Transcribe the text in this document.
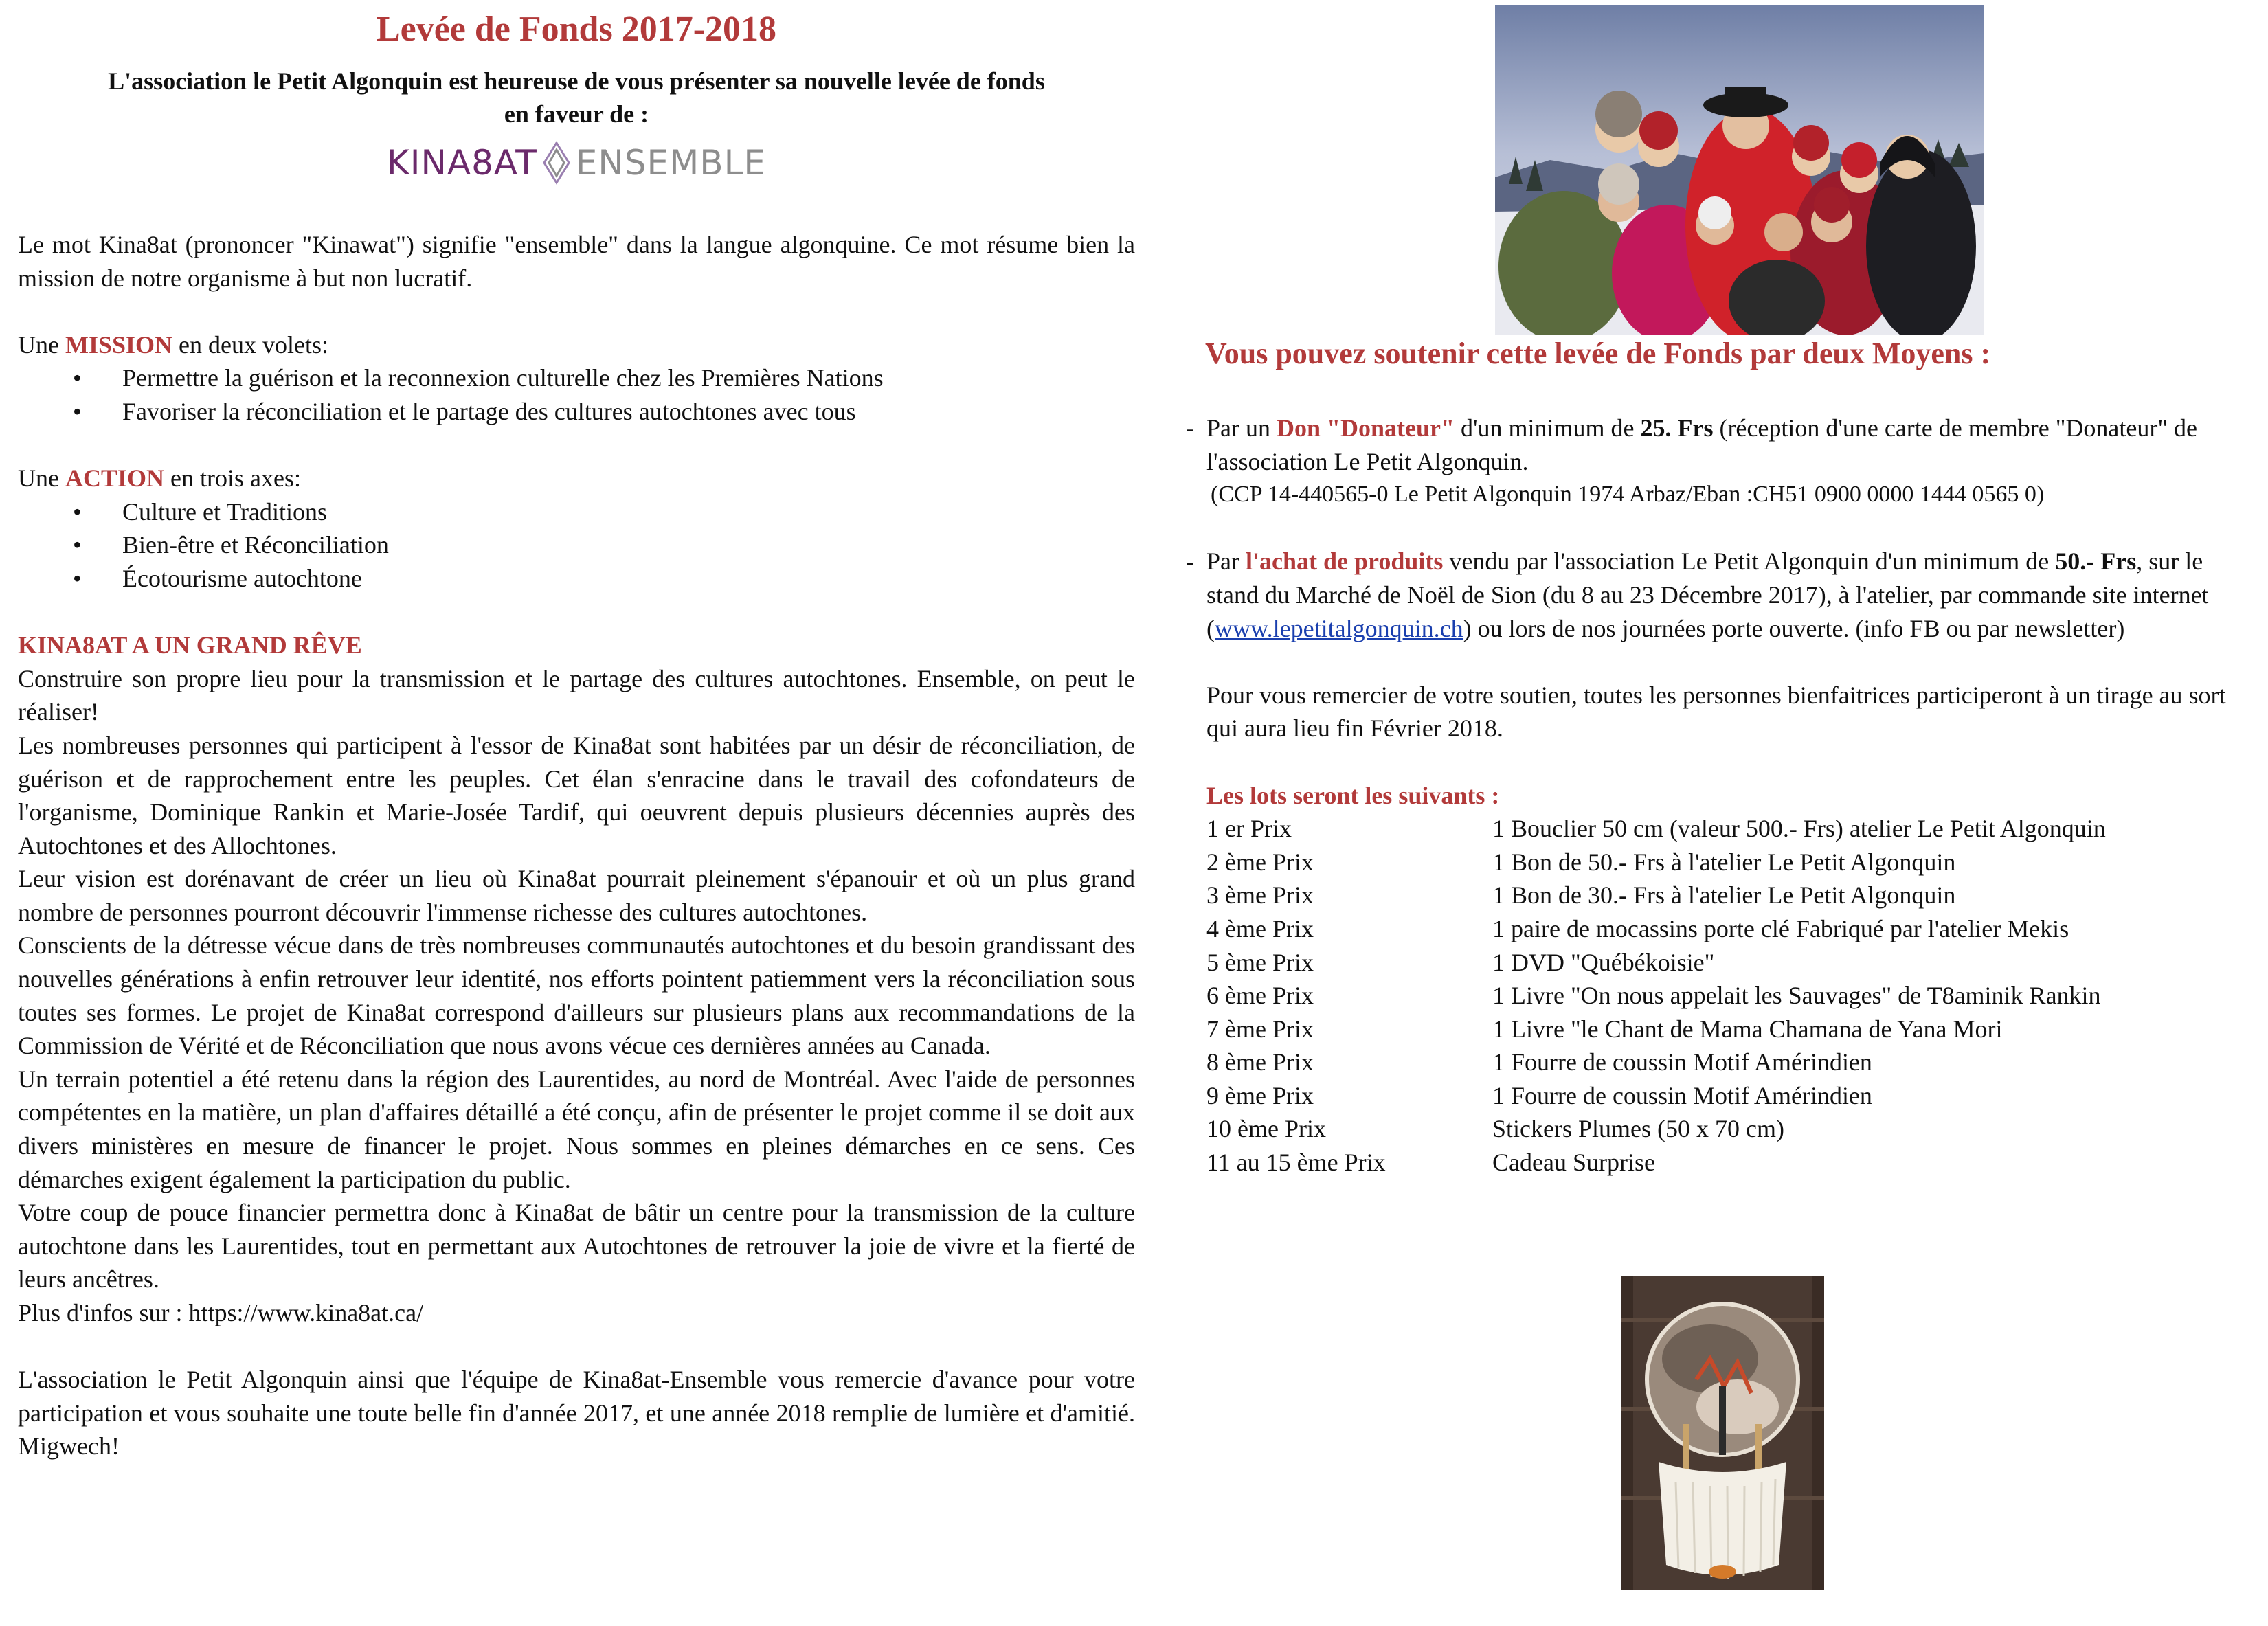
Levée de Fonds 2017-2018

L'association le Petit Algonquin est heureuse de vous présenter sa nouvelle levée de fonds

en faveur de :

KINA8AT ENSEMBLE

Le mot Kina8at (prononcer "Kinawat") signifie "ensemble" dans la langue algonquine. Ce mot résume bien la mission de notre organisme à but non lucratif.

Une MISSION en deux volets:

• Permettre la guérison et la reconnexion culturelle chez les Premières Nations
• Favoriser la réconciliation et le partage des cultures autochtones avec tous

Une ACTION en trois axes:

• Culture et Traditions
• Bien-être et Réconciliation
• Écotourisme autochtone

KINA8AT A UN GRAND RÊVE

Construire son propre lieu pour la transmission et le partage des cultures autochtones. Ensemble, on peut le réaliser!

Les nombreuses personnes qui participent à l'essor de Kina8at sont habitées par un désir de réconciliation, de guérison et de rapprochement entre les peuples. Cet élan s'enracine dans le travail des cofondateurs de l'organisme, Dominique Rankin et Marie-Josée Tardif, qui oeuvrent depuis plusieurs décennies auprès des Autochtones et des Allochtones.

Leur vision est dorénavant de créer un lieu où Kina8at pourrait pleinement s'épanouir et où un plus grand nombre de personnes pourront découvrir l'immense richesse des cultures autochtones.

Conscients de la détresse vécue dans de très nombreuses communautés autochtones et du besoin grandissant des nouvelles générations à enfin retrouver leur identité, nos efforts pointent patiemment vers la réconciliation sous toutes ses formes. Le projet de Kina8at correspond d'ailleurs sur plusieurs plans aux recommandations de la Commission de Vérité et de Réconciliation que nous avons vécue ces dernières années au Canada.

Un terrain potentiel a été retenu dans la région des Laurentides, au nord de Montréal. Avec l'aide de personnes compétentes en la matière, un plan d'affaires détaillé a été conçu, afin de présenter le projet comme il se doit aux divers ministères en mesure de financer le projet. Nous sommes en pleines démarches en ce sens. Ces démarches exigent également la participation du public.

Votre coup de pouce financier permettra donc à Kina8at de bâtir un centre pour la transmission de la culture autochtone dans les Laurentides, tout en permettant aux Autochtones de retrouver la joie de vivre et la fierté de leurs ancêtres.

Plus d'infos sur : https://www.kina8at.ca/

L'association le Petit Algonquin ainsi que l'équipe de Kina8at-Ensemble vous remercie d'avance pour votre participation et vous souhaite une toute belle fin d'année 2017, et une année 2018 remplie de lumière et d'amitié. Migwech!

Vous pouvez soutenir cette levée de Fonds par deux Moyens :

- Par un Don "Donateur" d'un minimum de 25. Frs (réception d'une carte de membre "Donateur" de l'association Le Petit Algonquin.

(CCP 14-440565-0 Le Petit Algonquin 1974 Arbaz/Eban :CH51 0900 0000 1444 0565 0)

- Par l'achat de produits vendu par l'association Le Petit Algonquin d'un minimum de 50.- Frs, sur le stand du Marché de Noël de Sion (du 8 au 23 Décembre 2017), à l'atelier, par commande site internet (www.lepetitalgonquin.ch) ou lors de nos journées porte ouverte. (info FB ou par newsletter)

Pour vous remercier de votre soutien, toutes les personnes bienfaitrices participeront à un tirage au sort qui aura lieu fin Février 2018.

Les lots seront les suivants :

1 er Prix	1 Bouclier 50 cm (valeur 500.- Frs) atelier Le Petit Algonquin
2 ème Prix	1 Bon de 50.- Frs à l'atelier Le Petit Algonquin
3 ème Prix	1 Bon de 30.- Frs à l'atelier Le Petit Algonquin
4 ème Prix	1 paire de mocassins porte clé Fabriqué par l'atelier Mekis
5 ème Prix	1 DVD "Québékoisie"
6 ème Prix	1 Livre "On nous appelait les Sauvages" de T8aminik Rankin
7 ème Prix	1 Livre "le Chant de Mama Chamana de Yana Mori
8 ème Prix	1 Fourre de coussin Motif Amérindien
9 ème Prix	1 Fourre de coussin Motif Amérindien
10 ème Prix	Stickers Plumes (50 x 70 cm)
11 au 15 ème Prix	Cadeau Surprise
